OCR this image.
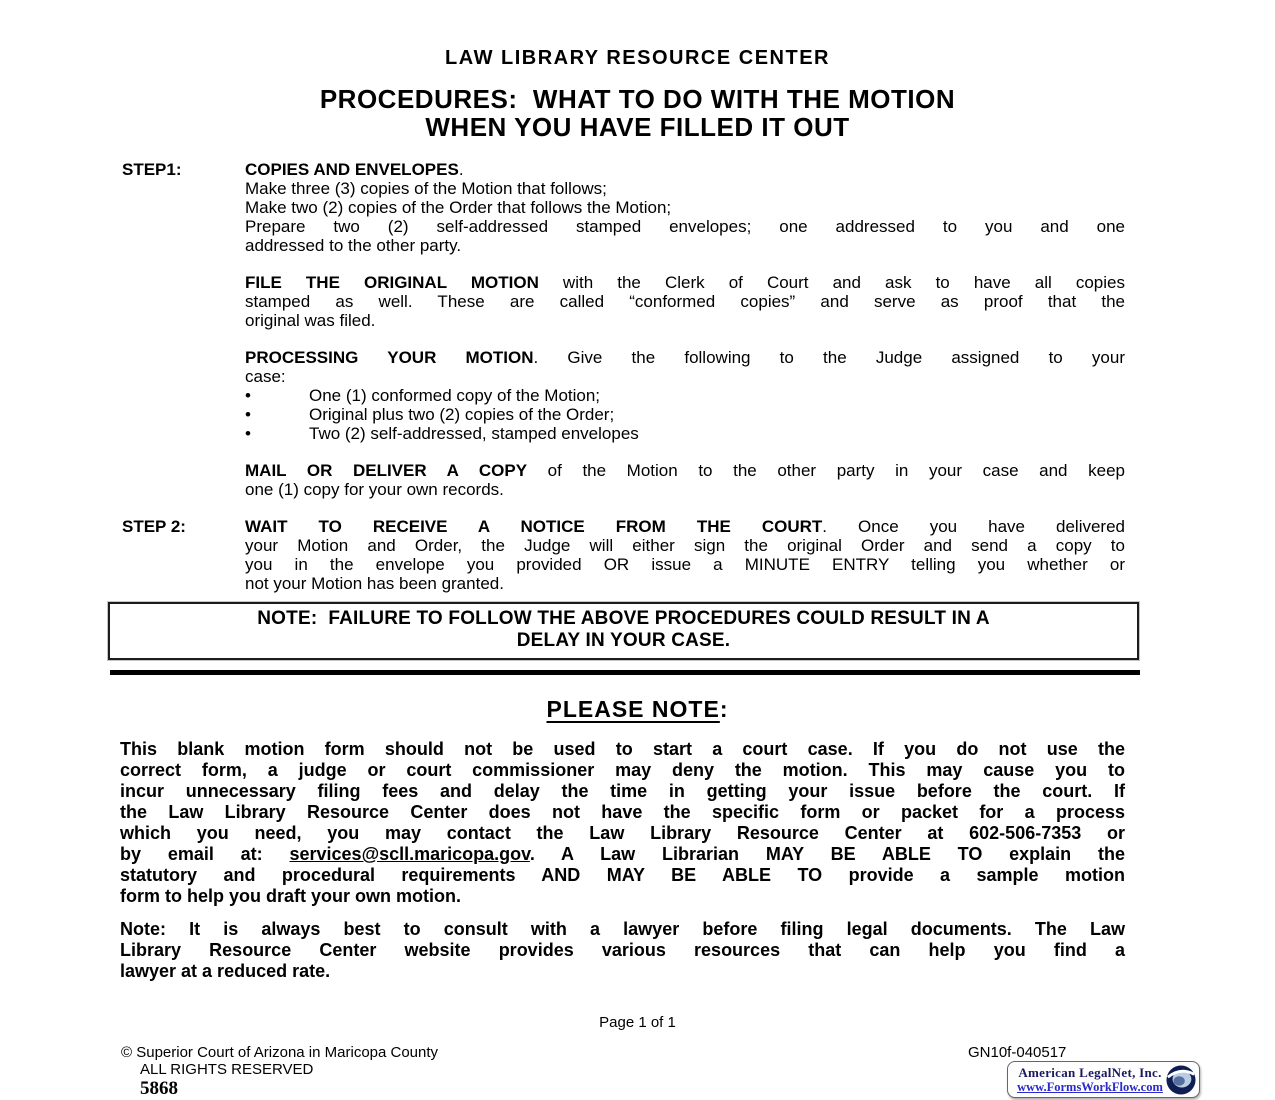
LAW LIBRARY RESOURCE CENTER
PROCEDURES:  WHAT TO DO WITH THE MOTION
WHEN YOU HAVE FILLED IT OUT
STEP1:	COPIES AND ENVELOPES.
Make three (3) copies of the Motion that follows;
Make two (2) copies of the Order that follows the Motion;
Prepare two (2) self-addressed stamped envelopes; one addressed to you and one
addressed to the other party.
FILE THE ORIGINAL MOTION with the Clerk of Court and ask to have all copies
stamped as well. These are called “conformed copies” and serve as proof that the
original was filed.
PROCESSING YOUR MOTION. Give the following to the Judge assigned to your
case:
•	One (1) conformed copy of the Motion;
•	Original plus two (2) copies of the Order;
•	Two (2) self-addressed, stamped envelopes
MAIL OR DELIVER A COPY of the Motion to the other party in your case and keep
one (1) copy for your own records.
STEP 2:	WAIT TO RECEIVE A NOTICE FROM THE COURT. Once you have delivered
your Motion and Order, the Judge will either sign the original Order and send a copy to
you in the envelope you provided OR issue a MINUTE ENTRY telling you whether or
not your Motion has been granted.
NOTE:  FAILURE TO FOLLOW THE ABOVE PROCEDURES COULD RESULT IN A
DELAY IN YOUR CASE.
PLEASE NOTE:
This blank motion form should not be used to start a court case. If you do not use the
correct form, a judge or court commissioner may deny the motion. This may cause you to
incur unnecessary filing fees and delay the time in getting your issue before the court. If
the Law Library Resource Center does not have the specific form or packet for a process
which you need, you may contact the Law Library Resource Center at 602-506-7353 or
by email at: services@scll.maricopa.gov. A Law Librarian MAY BE ABLE TO explain the
statutory and procedural requirements AND MAY BE ABLE TO provide a sample motion
form to help you draft your own motion.
Note: It is always best to consult with a lawyer before filing legal documents. The Law
Library Resource Center website provides various resources that can help you find a
lawyer at a reduced rate.
Page 1 of 1
© Superior Court of Arizona in Maricopa County
ALL RIGHTS RESERVED
5868
GN10f-040517
American LegalNet, Inc.
www.FormsWorkFlow.com
